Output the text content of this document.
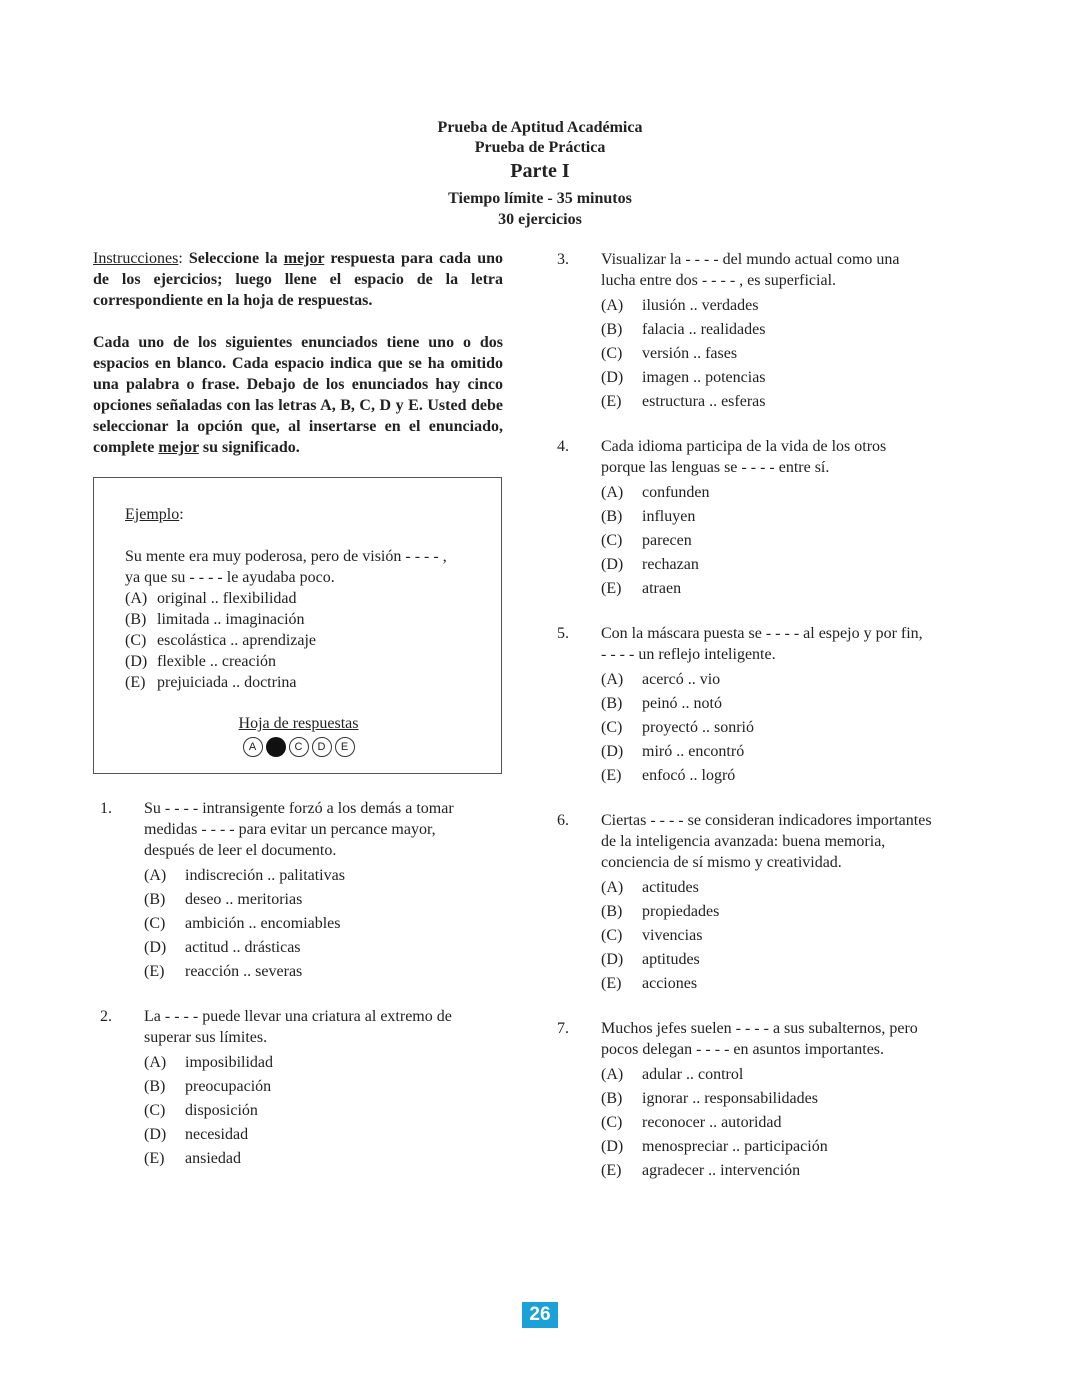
Prueba de Aptitud Académica
Prueba de Práctica
Parte I
Tiempo límite - 35 minutos
30 ejercicios

Instrucciones: Seleccione la mejor respuesta para cada uno de los ejercicios; luego llene el espacio de la letra correspondiente en la hoja de respuestas.

Cada uno de los siguientes enunciados tiene uno o dos espacios en blanco. Cada espacio indica que se ha omitido una palabra o frase. Debajo de los enunciados hay cinco opciones señaladas con las letras A, B, C, D y E. Usted debe seleccionar la opción que, al insertarse en el enunciado, complete mejor su significado.

Ejemplo:
Su mente era muy poderosa, pero de visión - - - - ,
ya que su - - - - le ayudaba poco.
(A) original .. flexibilidad
(B) limitada .. imaginación
(C) escolástica .. aprendizaje
(D) flexible .. creación
(E) prejuiciada .. doctrina
Hoja de respuestas
A	B	C	D	E
1. Su - - - - intransigente forzó a los demás a tomar
medidas - - - - para evitar un percance mayor,
después de leer el documento.
(A) indiscreción .. palitativas
(B) deseo .. meritorias
(C) ambición .. encomiables
(D) actitud .. drásticas
(E) reacción .. severas
2. La - - - - puede llevar una criatura al extremo de
superar sus límites.
(A) imposibilidad
(B) preocupación
(C) disposición
(D) necesidad
(E) ansiedad
3. Visualizar la - - - - del mundo actual como una
lucha entre dos - - - - , es superficial.
(A) ilusión .. verdades
(B) falacia .. realidades
(C) versión .. fases
(D) imagen .. potencias
(E) estructura .. esferas
4. Cada idioma participa de la vida de los otros
porque las lenguas se - - - - entre sí.
(A) confunden
(B) influyen
(C) parecen
(D) rechazan
(E) atraen
5. Con la máscara puesta se - - - - al espejo y por fin,
- - - - un reflejo inteligente.
(A) acercó .. vio
(B) peinó .. notó
(C) proyectó .. sonrió
(D) miró .. encontró
(E) enfocó .. logró
6. Ciertas - - - - se consideran indicadores importantes
de la inteligencia avanzada: buena memoria,
conciencia de sí mismo y creatividad.
(A) actitudes
(B) propiedades
(C) vivencias
(D) aptitudes
(E) acciones
7. Muchos jefes suelen - - - - a sus subalternos, pero
pocos delegan - - - - en asuntos importantes.
(A) adular .. control
(B) ignorar .. responsabilidades
(C) reconocer .. autoridad
(D) menospreciar .. participación
(E) agradecer .. intervención
26
